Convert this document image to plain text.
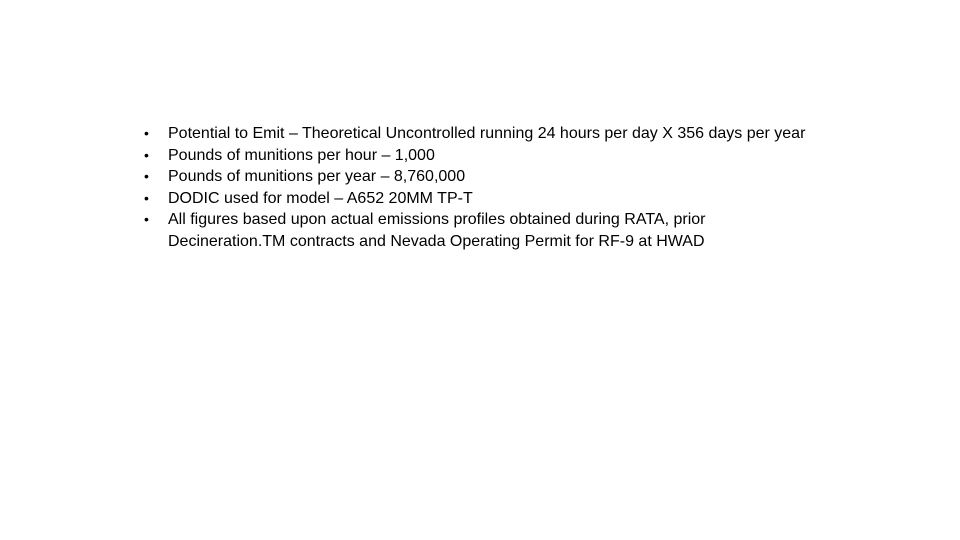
• Potential to Emit – Theoretical Uncontrolled running 24 hours per day X 356 days per year
• Pounds of munitions per hour – 1,000
• Pounds of munitions per year – 8,760,000
• DODIC used for model – A652 20MM TP-T
• All figures based upon actual emissions profiles obtained during RATA, prior
Decineration.TM contracts and Nevada Operating Permit for RF-9 at HWAD
